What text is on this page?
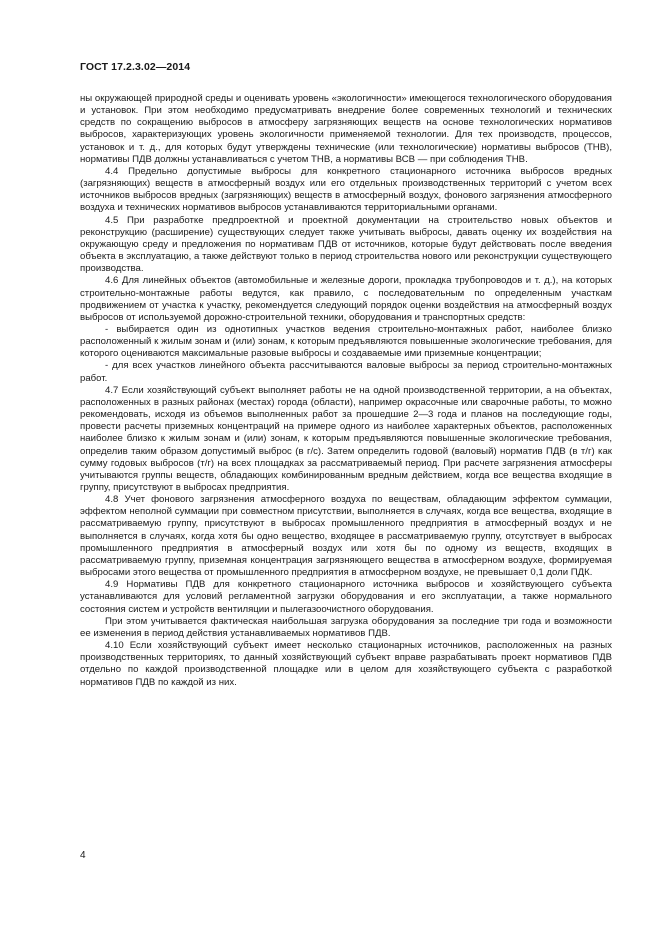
ГОСТ 17.2.3.02—2014

ны окружающей природной среды и оценивать уровень «экологичности» имеющегося технологического оборудования и установок. При этом необходимо предусматривать внедрение более современных технологий и технических средств по сокращению выбросов в атмосферу загрязняющих веществ на основе технологических нормативов выбросов, характеризующих уровень экологичности применяемой технологии. Для тех производств, процессов, установок и т. д., для которых будут утверждены технические (или технологические) нормативы выбросов (ТНВ), нормативы ПДВ должны устанавливаться с учетом ТНВ, а нормативы ВСВ — при соблюдения ТНВ.

4.4 Предельно допустимые выбросы для конкретного стационарного источника выбросов вредных (загрязняющих) веществ в атмосферный воздух или его отдельных производственных территорий с учетом всех источников выбросов вредных (загрязняющих) веществ в атмосферный воздух, фонового загрязнения атмосферного воздуха и технических нормативов выбросов устанавливаются территориальными органами.

4.5 При разработке предпроектной и проектной документации на строительство новых объектов и реконструкцию (расширение) существующих следует также учитывать выбросы, давать оценку их воздействия на окружающую среду и предложения по нормативам ПДВ от источников, которые будут действовать после введения объекта в эксплуатацию, а также действуют только в период строительства нового или реконструкции существующего производства.

4.6 Для линейных объектов (автомобильные и железные дороги, прокладка трубопроводов и т. д.), на которых строительно-монтажные работы ведутся, как правило, с последовательным по определенным участкам продвижением от участка к участку, рекомендуется следующий порядок оценки воздействия на атмосферный воздух выбросов от используемой дорожно-строительной техники, оборудования и транспортных средств:

- выбирается один из однотипных участков ведения строительно-монтажных работ, наиболее близко расположенный к жилым зонам и (или) зонам, к которым предъявляются повышенные экологические требования, для которого оцениваются максимальные разовые выбросы и создаваемые ими приземные концентрации;

- для всех участков линейного объекта рассчитываются валовые выбросы за период строительно-монтажных работ.

4.7 Если хозяйствующий субъект выполняет работы не на одной производственной территории, а на объектах, расположенных в разных районах (местах) города (области), например окрасочные или сварочные работы, то можно рекомендовать, исходя из объемов выполненных работ за прошедшие 2—3 года и планов на последующие годы, провести расчеты приземных концентраций на примере одного из наиболее характерных объектов, расположенных наиболее близко к жилым зонам и (или) зонам, к которым предъявляются повышенные экологические требования, определив таким образом допустимый выброс (в г/с). Затем определить годовой (валовый) норматив ПДВ (в т/г) как сумму годовых выбросов (т/г) на всех площадках за рассматриваемый период. При расчете загрязнения атмосферы учитываются группы веществ, обладающих комбинированным вредным действием, когда все вещества входящие в группу, присутствуют в выбросах предприятия.

4.8 Учет фонового загрязнения атмосферного воздуха по веществам, обладающим эффектом суммации, эффектом неполной суммации при совместном присутствии, выполняется в случаях, когда все вещества, входящие в рассматриваемую группу, присутствуют в выбросах промышленного предприятия в атмосферный воздух и не выполняется в случаях, когда хотя бы одно вещество, входящее в рассматриваемую группу, отсутствует в выбросах промышленного предприятия в атмосферный воздух или хотя бы по одному из веществ, входящих в рассматриваемую группу, приземная концентрация загрязняющего вещества в атмосферном воздухе, формируемая выбросами этого вещества от промышленного предприятия в атмосферном воздухе, не превышает 0,1 доли ПДК.

4.9 Нормативы ПДВ для конкретного стационарного источника выбросов и хозяйствующего субъекта устанавливаются для условий регламентной загрузки оборудования и его эксплуатации, а также нормального состояния систем и устройств вентиляции и пылегазоочистного оборудования.

При этом учитывается фактическая наибольшая загрузка оборудования за последние три года и возможности ее изменения в период действия устанавливаемых нормативов ПДВ.

4.10 Если хозяйствующий субъект имеет несколько стационарных источников, расположенных на разных производственных территориях, то данный хозяйствующий субъект вправе разрабатывать проект нормативов ПДВ отдельно по каждой производственной площадке или в целом для хозяйствующего субъекта с разработкой нормативов ПДВ по каждой из них.

4
